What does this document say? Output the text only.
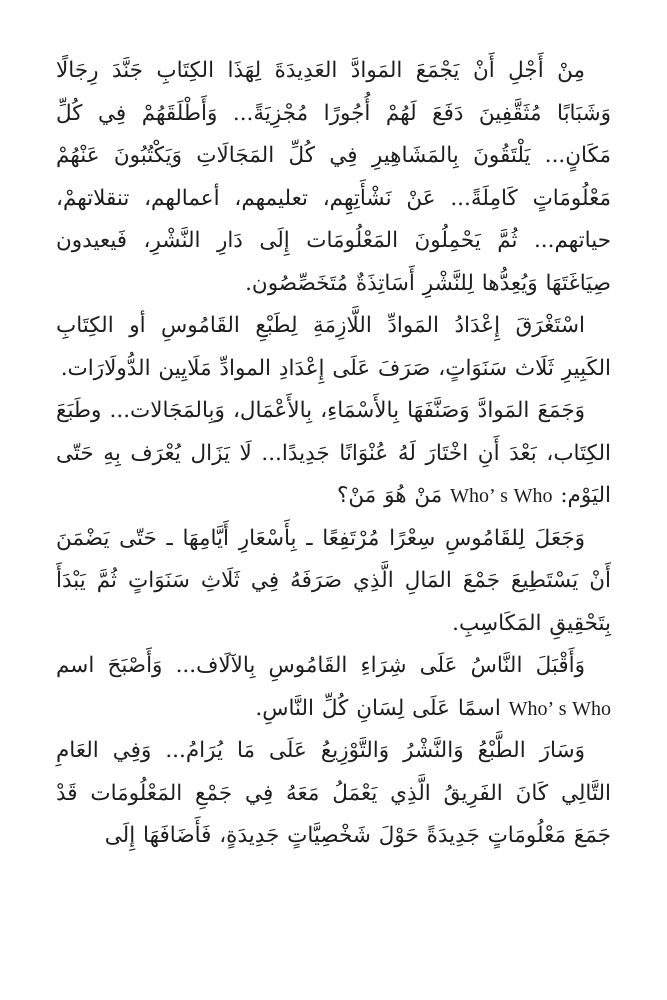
مِنْ أَجْلِ أَنْ يَجْمَعَ المَوادَّ العَدِيدَةَ لِهَذَا الكِتَابِ جَنَّدَ رِجَالًا وَشَبَابًا مُثَقَّفِينَ دَفَعَ لَهُمْ أُجُورًا مُجْزِيَةً... وَأَطْلَقَهُمْ فِي كُلِّ مَكَانٍ... يَلْتَقُونَ بِالمَشَاهِيرِ فِي كُلِّ المَجَالَاتِ وَيَكْتُبُونَ عَنْهُمْ مَعْلُومَاتٍ كَامِلَةً... عَنْ نَشْأَتِهِم، تعليمهم، أعمالهم، تنقلاتهمْ، حياتهم... ثُمَّ يَحْمِلُونَ المَعْلُومَات إِلَى دَارِ النَّشْرِ، فَيعيدون صِيَاغَتَهَا وَيُعِدُّها لِلنَّشْرِ أَسَاتِذَةٌ مُتَخَصِّصُون.

اسْتَغْرَقَ إِعْدَادُ المَوادِّ اللَّازِمَةِ لِطَبْعِ القَامُوسِ أو الكِتَابِ الكَبِيرِ ثَلَاث سَنَوَاتٍ، صَرَفَ عَلَى إِعْدَادِ الموادِّ مَلَايِين الدُّولَارَات.

وَجَمَعَ المَوادَّ وَصَنَّفَهَا بِالأَسْمَاءِ، بِالأَعْمَال، وَبِالمَجَالات... وطَبَعَ الكِتَاب، بَعْدَ أَنِ اخْتَارَ لَهُ عُنْوَانًا جَدِيدًا... لَا يَزَال يُعْرَف بِهِ حَتّى اليَوْم: Who’ s Who مَنْ هُوَ مَنْ؟

وَجَعَلَ لِلقَامُوسِ سِعْرًا مُرْتَفِعًا ـ بِأَسْعَارِ أَيَّامِهَا ـ حَتّى يَضْمَنَ أَنْ يَسْتَطِيعَ جَمْعَ المَالِ الَّذِي صَرَفَهُ فِي ثَلَاثِ سَنَوَاتٍ ثُمَّ يَبْدَأَ بِتَحْقِيقِ المَكَاسِبِ.

وَأَقْبَلَ النَّاسُ عَلَى شِرَاءِ القَامُوسِ بِالآلَاف... وَأَصْبَحَ اسم Who’ s Who اسمًا عَلَى لِسَانِ كُلِّ النَّاسِ.

وَسَارَ الطَّبْعُ وَالنَّشْرُ وَالتَّوْزِيعُ عَلَى مَا يُرَامُ... وَفِي العَامِ التَّالِي كَانَ الفَرِيقُ الَّذِي يَعْمَلُ مَعَهُ فِي جَمْعِ المَعْلُومَات قَدْ جَمَعَ مَعْلُومَاتٍ جَدِيدَةً حَوْلَ شَخْصِيَّاتٍ جَدِيدَةٍ، فَأَضَافَهَا إِلَى
